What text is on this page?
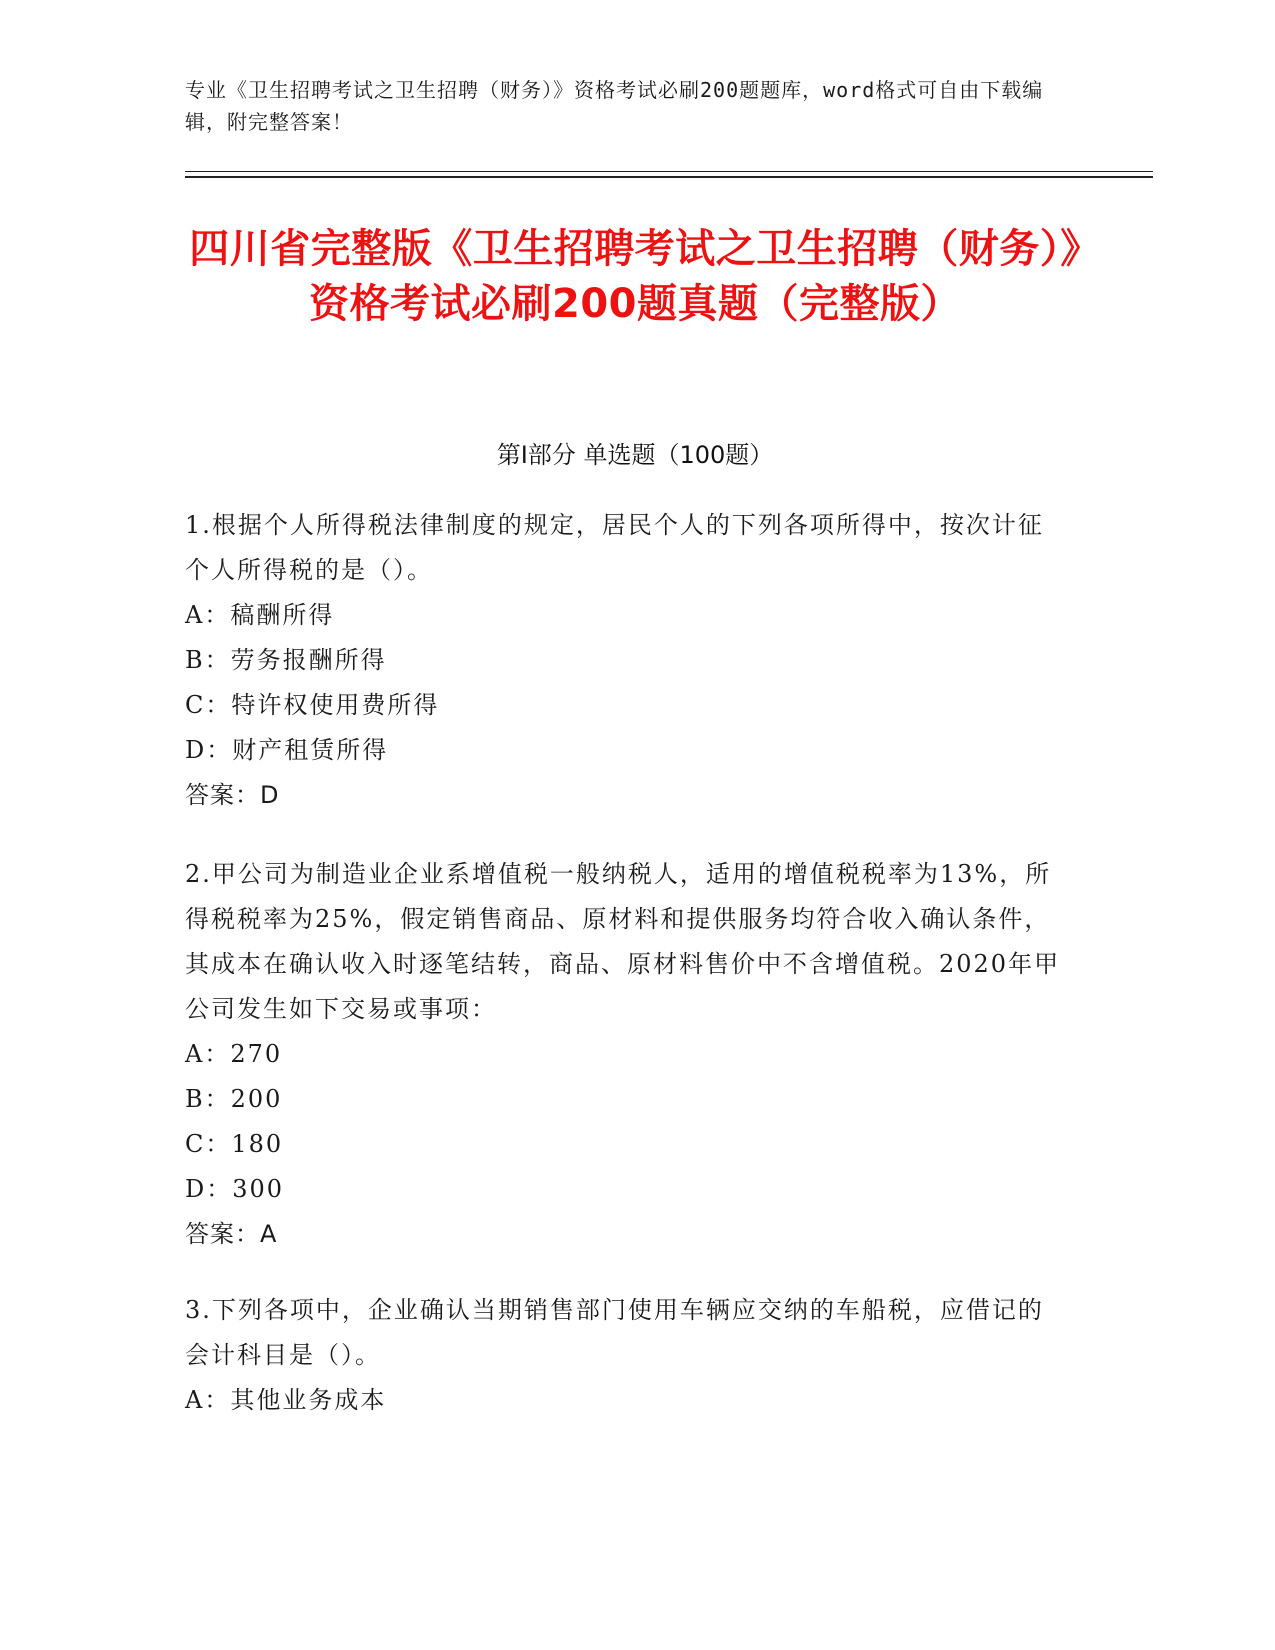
专业《卫生招聘考试之卫生招聘（财务）》资格考试必刷200题题库，word格式可自由下载编辑，附完整答案！
四川省完整版《卫生招聘考试之卫生招聘（财务）》资格考试必刷200题真题（完整版）
第I部分 单选题（100题）

1.根据个人所得税法律制度的规定，居民个人的下列各项所得中，按次计征个人所得税的是（）。

A：稿酬所得

B：劳务报酬所得

C：特许权使用费所得

D：财产租赁所得

答案：D

2.甲公司为制造业企业系增值税一般纳税人，适用的增值税税率为13%，所得税税率为25%，假定销售商品、原材料和提供服务均符合收入确认条件，其成本在确认收入时逐笔结转，商品、原材料售价中不含增值税。2020年甲公司发生如下交易或事项：

A：270

B：200

C：180

D：300

答案：A

3.下列各项中，企业确认当期销售部门使用车辆应交纳的车船税，应借记的会计科目是（）。

A：其他业务成本
